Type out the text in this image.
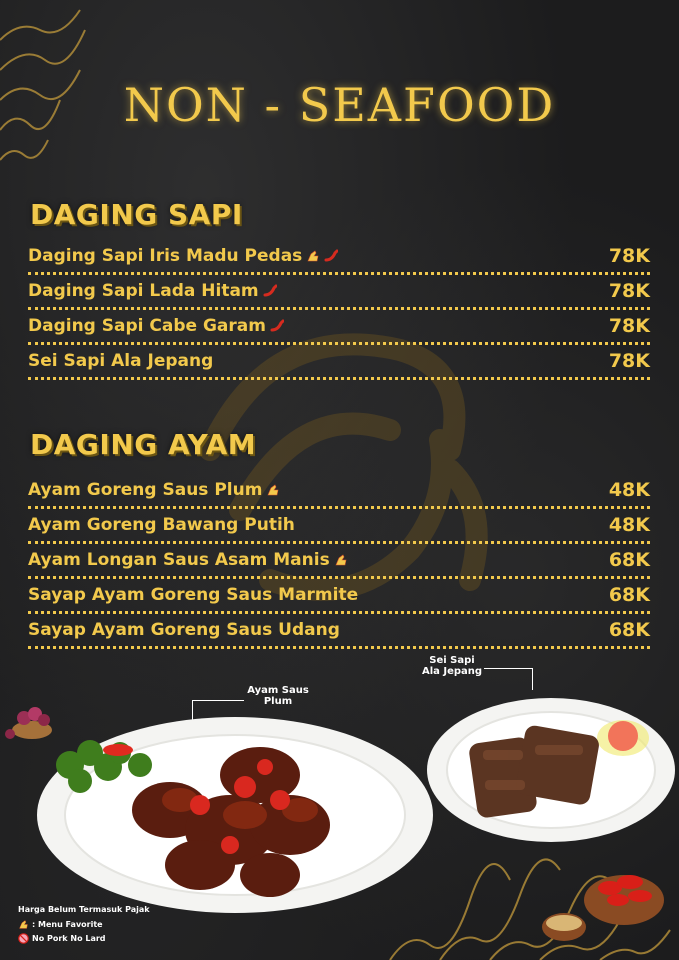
NON - SEAFOOD
DAGING SAPI
Daging Sapi Iris Madu Pedas	78K
Daging Sapi Lada Hitam	78K
Daging Sapi Cabe Garam	78K
Sei Sapi Ala Jepang	78K
DAGING AYAM
Ayam Goreng Saus Plum	48K
Ayam Goreng Bawang Putih	48K
Ayam Longan Saus Asam Manis	68K
Sayap Ayam Goreng Saus Marmite	68K
Sayap Ayam Goreng Saus Udang	68K
Ayam Saus Plum
Sei Sapi Ala Jepang
Harga Belum Termasuk Pajak
: Menu Favorite
No Pork No Lard
